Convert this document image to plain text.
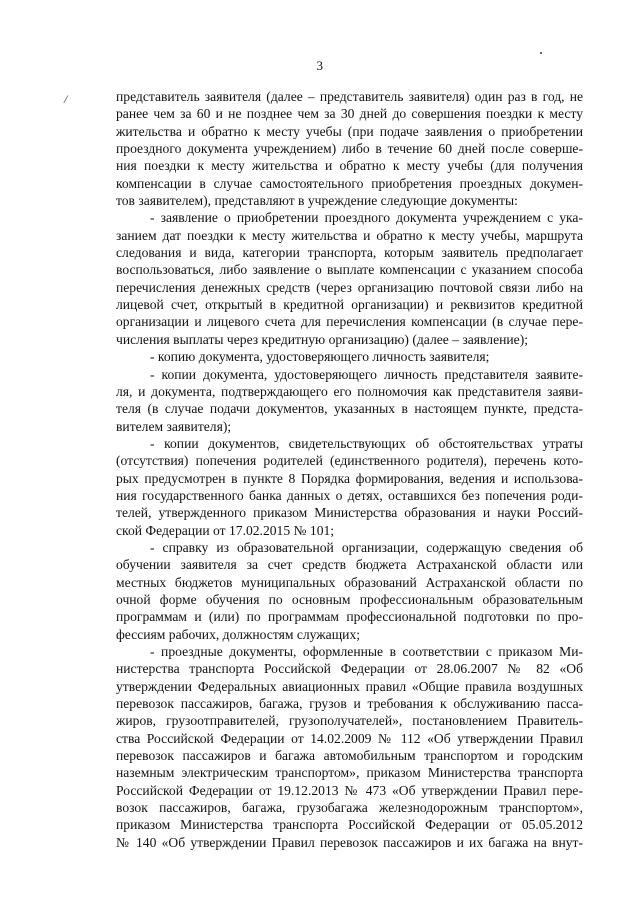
3
/	представитель заявителя (далее – представитель заявителя) один раз в год, не
ранее чем за 60 и не позднее чем за 30 дней до совершения поездки к месту
жительства и обратно к месту учебы (при подаче заявления о приобретении
проездного документа учреждением) либо в течение 60 дней после соверше-
ния поездки к месту жительства и обратно к месту учебы (для получения
компенсации в случае самостоятельного приобретения проездных докумен-
тов заявителем), представляют в учреждение следующие документы:
- заявление о приобретении проездного документа учреждением с ука-
занием дат поездки к месту жительства и обратно к месту учебы, маршрута
следования и вида, категории транспорта, которым заявитель предполагает
воспользоваться, либо заявление о выплате компенсации с указанием способа
перечисления денежных средств (через организацию почтовой связи либо на
лицевой счет, открытый в кредитной организации) и реквизитов кредитной
организации и лицевого счета для перечисления компенсации (в случае пере-
числения выплаты через кредитную организацию) (далее – заявление);
- копию документа, удостоверяющего личность заявителя;
- копии документа, удостоверяющего личность представителя заявите-
ля, и документа, подтверждающего его полномочия как представителя заяви-
теля (в случае подачи документов, указанных в настоящем пункте, предста-
вителем заявителя);
- копии документов, свидетельствующих об обстоятельствах утраты
(отсутствия) попечения родителей (единственного родителя), перечень кото-
рых предусмотрен в пункте 8 Порядка формирования, ведения и использова-
ния государственного банка данных о детях, оставшихся без попечения роди-
телей, утвержденного приказом Министерства образования и науки Россий-
ской Федерации от 17.02.2015 № 101;
- справку из образовательной организации, содержащую сведения об
обучении заявителя за счет средств бюджета Астраханской области или
местных бюджетов муниципальных образований Астраханской области по
очной форме обучения по основным профессиональным образовательным
программам и (или) по программам профессиональной подготовки по про-
фессиям рабочих, должностям служащих;
- проездные документы, оформленные в соответствии с приказом Ми-
нистерства транспорта Российской Федерации от 28.06.2007 № 82 «Об
утверждении Федеральных авиационных правил «Общие правила воздушных
перевозок пассажиров, багажа, грузов и требования к обслуживанию пасса-
жиров, грузоотправителей, грузополучателей», постановлением Правитель-
ства Российской Федерации от 14.02.2009 № 112 «Об утверждении Правил
перевозок пассажиров и багажа автомобильным транспортом и городским
наземным электрическим транспортом», приказом Министерства транспорта
Российской Федерации от 19.12.2013 № 473 «Об утверждении Правил пере-
возок пассажиров, багажа, грузобагажа железнодорожным транспортом»,
приказом Министерства транспорта Российской Федерации от 05.05.2012
№ 140 «Об утверждении Правил перевозок пассажиров и их багажа на внут-
